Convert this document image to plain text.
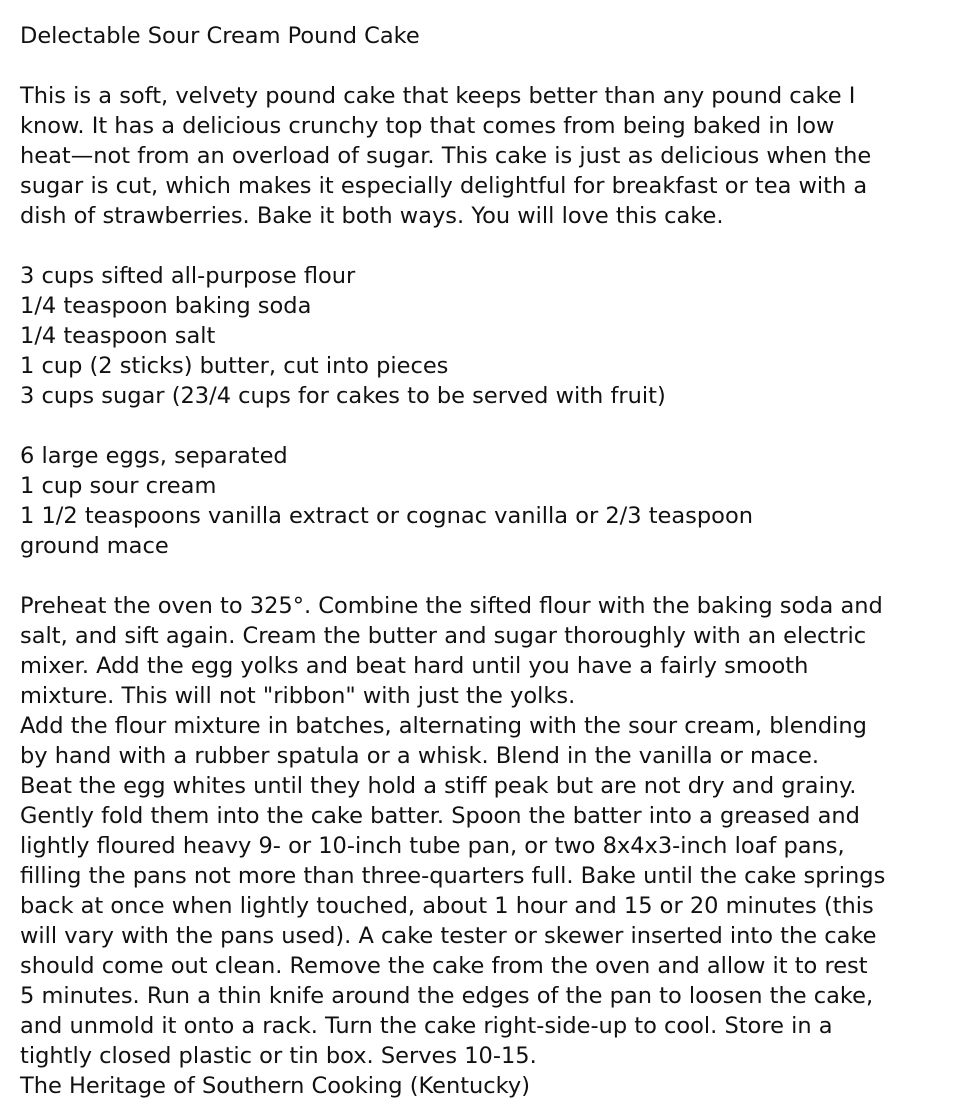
Delectable Sour Cream Pound Cake
This is a soft, velvety pound cake that keeps better than any pound cake I
know. It has a delicious crunchy top that comes from being baked in low
heat—not from an overload of sugar. This cake is just as delicious when the
sugar is cut, which makes it especially delightful for breakfast or tea with a
dish of strawberries. Bake it both ways. You will love this cake.
3 cups sifted all-purpose flour
1/4 teaspoon baking soda
1/4 teaspoon salt
1 cup (2 sticks) butter, cut into pieces
3 cups sugar (23/4 cups for cakes to be served with fruit)
6 large eggs, separated
1 cup sour cream
1 1/2 teaspoons vanilla extract or cognac vanilla or 2/3 teaspoon
ground mace
Preheat the oven to 325°. Combine the sifted flour with the baking soda and
salt, and sift again. Cream the butter and sugar thoroughly with an electric
mixer. Add the egg yolks and beat hard until you have a fairly smooth
mixture. This will not "ribbon" with just the yolks.
Add the flour mixture in batches, alternating with the sour cream, blending
by hand with a rubber spatula or a whisk. Blend in the vanilla or mace.
Beat the egg whites until they hold a stiff peak but are not dry and grainy.
Gently fold them into the cake batter. Spoon the batter into a greased and
lightly floured heavy 9- or 10-inch tube pan, or two 8x4x3-inch loaf pans,
filling the pans not more than three-quarters full. Bake until the cake springs
back at once when lightly touched, about 1 hour and 15 or 20 minutes (this
will vary with the pans used). A cake tester or skewer inserted into the cake
should come out clean. Remove the cake from the oven and allow it to rest
5 minutes. Run a thin knife around the edges of the pan to loosen the cake,
and unmold it onto a rack. Turn the cake right-side-up to cool. Store in a
tightly closed plastic or tin box. Serves 10-15.
The Heritage of Southern Cooking (Kentucky)
